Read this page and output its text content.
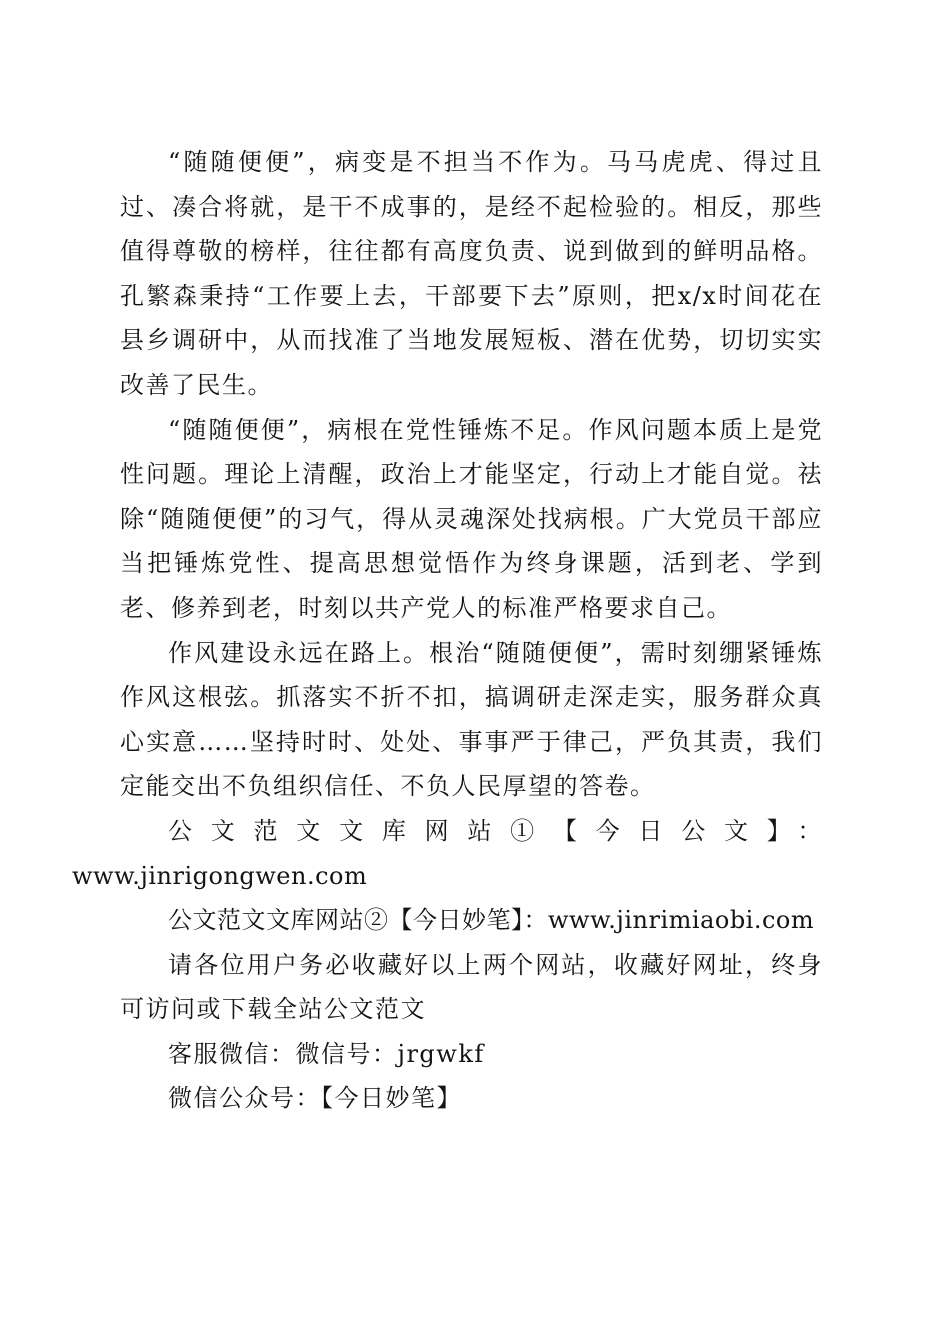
“随随便便”，病变是不担当不作为。马马虎虎、得过且过、凑合将就，是干不成事的，是经不起检验的。相反，那些值得尊敬的榜样，往往都有高度负责、说到做到的鲜明品格。孔繁森秉持“工作要上去，干部要下去”原则，把x/x时间花在县乡调研中，从而找准了当地发展短板、潜在优势，切切实实改善了民生。

“随随便便”，病根在党性锤炼不足。作风问题本质上是党性问题。理论上清醒，政治上才能坚定，行动上才能自觉。祛除“随随便便”的习气，得从灵魂深处找病根。广大党员干部应当把锤炼党性、提高思想觉悟作为终身课题，活到老、学到老、修养到老，时刻以共产党人的标准严格要求自己。

作风建设永远在路上。根治“随随便便”，需时刻绷紧锤炼作风这根弦。抓落实不折不扣，搞调研走深走实，服务群众真心实意……坚持时时、处处、事事严于律己，严负其责，我们定能交出不负组织信任、不负人民厚望的答卷。

公文范文文库网站①【今日公文】：
www.jinrigongwen.com

公文范文文库网站②【今日妙笔】：www.jinrimiaobi.com

请各位用户务必收藏好以上两个网站，收藏好网址，终身可访问或下载全站公文范文

客服微信：微信号：jrgwkf

微信公众号：【今日妙笔】
